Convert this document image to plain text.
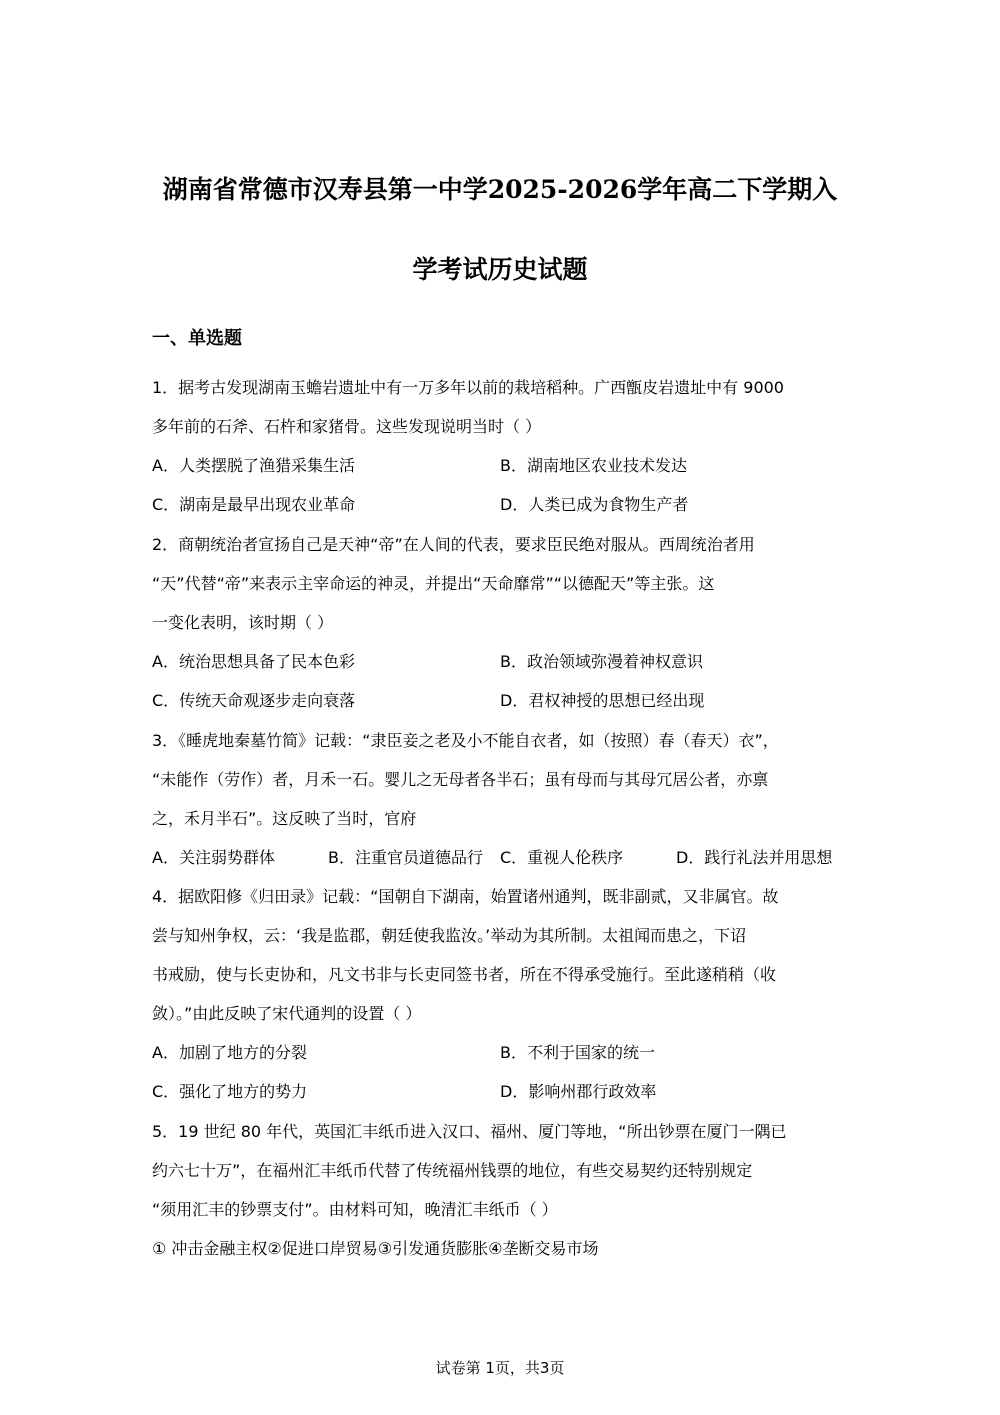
湖南省常德市汉寿县第一中学2025-2026学年高二下学期入
学考试历史试题
一、单选题
1．据考古发现湖南玉蟾岩遗址中有一万多年以前的栽培稻种。广西甑皮岩遗址中有 9000
多年前的石斧、石杵和家猪骨。这些发现说明当时（ ）
A．人类摆脱了渔猎采集生活	B．湖南地区农业技术发达
C．湖南是最早出现农业革命	D．人类已成为食物生产者
2．商朝统治者宣扬自己是天神“帝”在人间的代表，要求臣民绝对服从。西周统治者用
“天”代替“帝”来表示主宰命运的神灵，并提出“天命靡常”“以德配天”等主张。这
一变化表明，该时期（ ）
A．统治思想具备了民本色彩	B．政治领域弥漫着神权意识
C．传统天命观逐步走向衰落	D．君权神授的思想已经出现
3．《睡虎地秦墓竹简》记载：“隶臣妾之老及小不能自衣者，如（按照）春（春天）衣”，
“未能作（劳作）者，月禾一石。婴儿之无母者各半石；虽有母而与其母冗居公者，亦禀
之，禾月半石”。这反映了当时，官府
A．关注弱势群体	B．注重官员道德品行 C．重视人伦秩序	D．践行礼法并用思想
4．据欧阳修《归田录》记载：“国朝自下湖南，始置诸州通判，既非副贰，又非属官。故
尝与知州争权，云：‘我是监郡，朝廷使我监汝。’举动为其所制。太祖闻而患之，下诏
书戒励，使与长吏协和，凡文书非与长吏同签书者，所在不得承受施行。至此遂稍稍（收
敛）。”由此反映了宋代通判的设置（ ）
A．加剧了地方的分裂	B．不利于国家的统一
C．强化了地方的势力	D．影响州郡行政效率
5．19 世纪 80 年代，英国汇丰纸币进入汉口、福州、厦门等地，“所出钞票在厦门一隅已
约六七十万”，在福州汇丰纸币代替了传统福州钱票的地位，有些交易契约还特别规定
“须用汇丰的钞票支付”。由材料可知，晚清汇丰纸币（ ）
① 冲击金融主权②促进口岸贸易③引发通货膨胀④垄断交易市场
试卷第 1页，共3页
